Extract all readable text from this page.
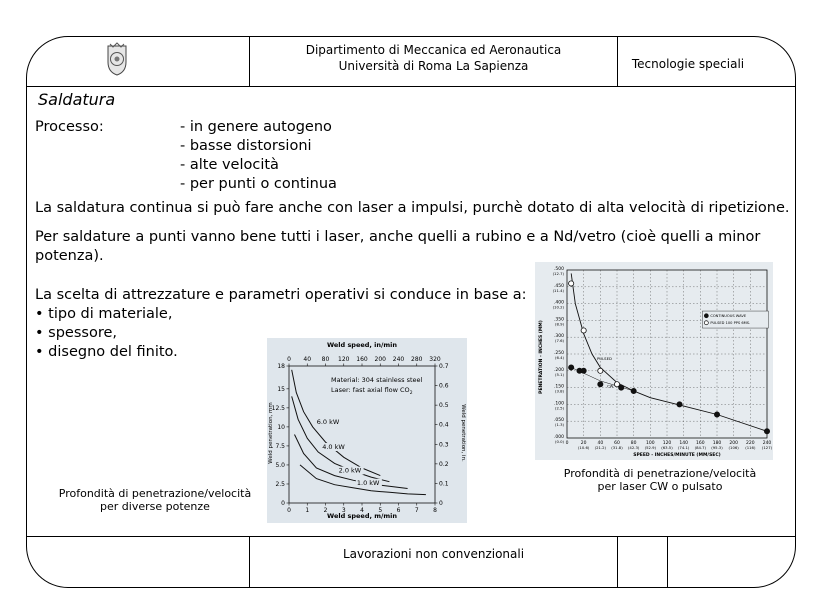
Dipartimento di Meccanica ed Aeronautica
Università di Roma La Sapienza	Tecnologie speciali
Saldatura
Processo:	- in genere autogeno
- basse distorsioni
- alte velocità
- per punti o continua
La saldatura continua si può fare anche con laser a impulsi, purchè dotato di alta velocità di ripetizione.
Per saldature a punti vanno bene tutti i laser, anche quelli a rubino e a Nd/vetro (cioè quelli a minor
potenza).
La scelta di attrezzature e parametri operativi si conduce in base a:
• tipo di materiale,
• spessore,
• disegno del finito.	Weld speed, in/min
Weld speed, m/min
Weld penetration, mm	Weld penetration, in.
Material: 304 stainless steel
Laser: fast axial flow $CO_2$
0 1 2 3 4 5 6 7 8
0 40 80 120 160 200 240 280 320
0
2.5
5.0
7.5
10
12.5
15
18
0
0.1
0.2
0.3
0.4
0.5
0.6
0.7
6.0 kW
4.0 kW
2.0 kW
1.0 kW
SPEED - INCHES/MINUTE (MM/SEC)
PENETRATION - INCHES (MM)
0	20
(10.6)
40
(21.2)
60
(31.8)
80
(42.3)
100
(52.9)
120
(63.5)
140
(74.1)
160
(84.7)
180
(95.3)
200
(106)
220
(116)
240
(127)
.000
(0.0)
.050
(1.3)
.100
(2.5)
.150
(3.8)
.200
(5.1)
.250
(6.4)
.300
(7.6)
.350
(8.9)
.400
(10.2)
.450
(11.4)
.500
(12.7)
PULSED
CW
CONTINUOUS WAVE
PULSED 100 PPS 6MS.
Profondità di penetrazione/velocità
per diverse potenze
Profondità di penetrazione/velocità
per laser CW o pulsato
Lavorazioni non convenzionali
